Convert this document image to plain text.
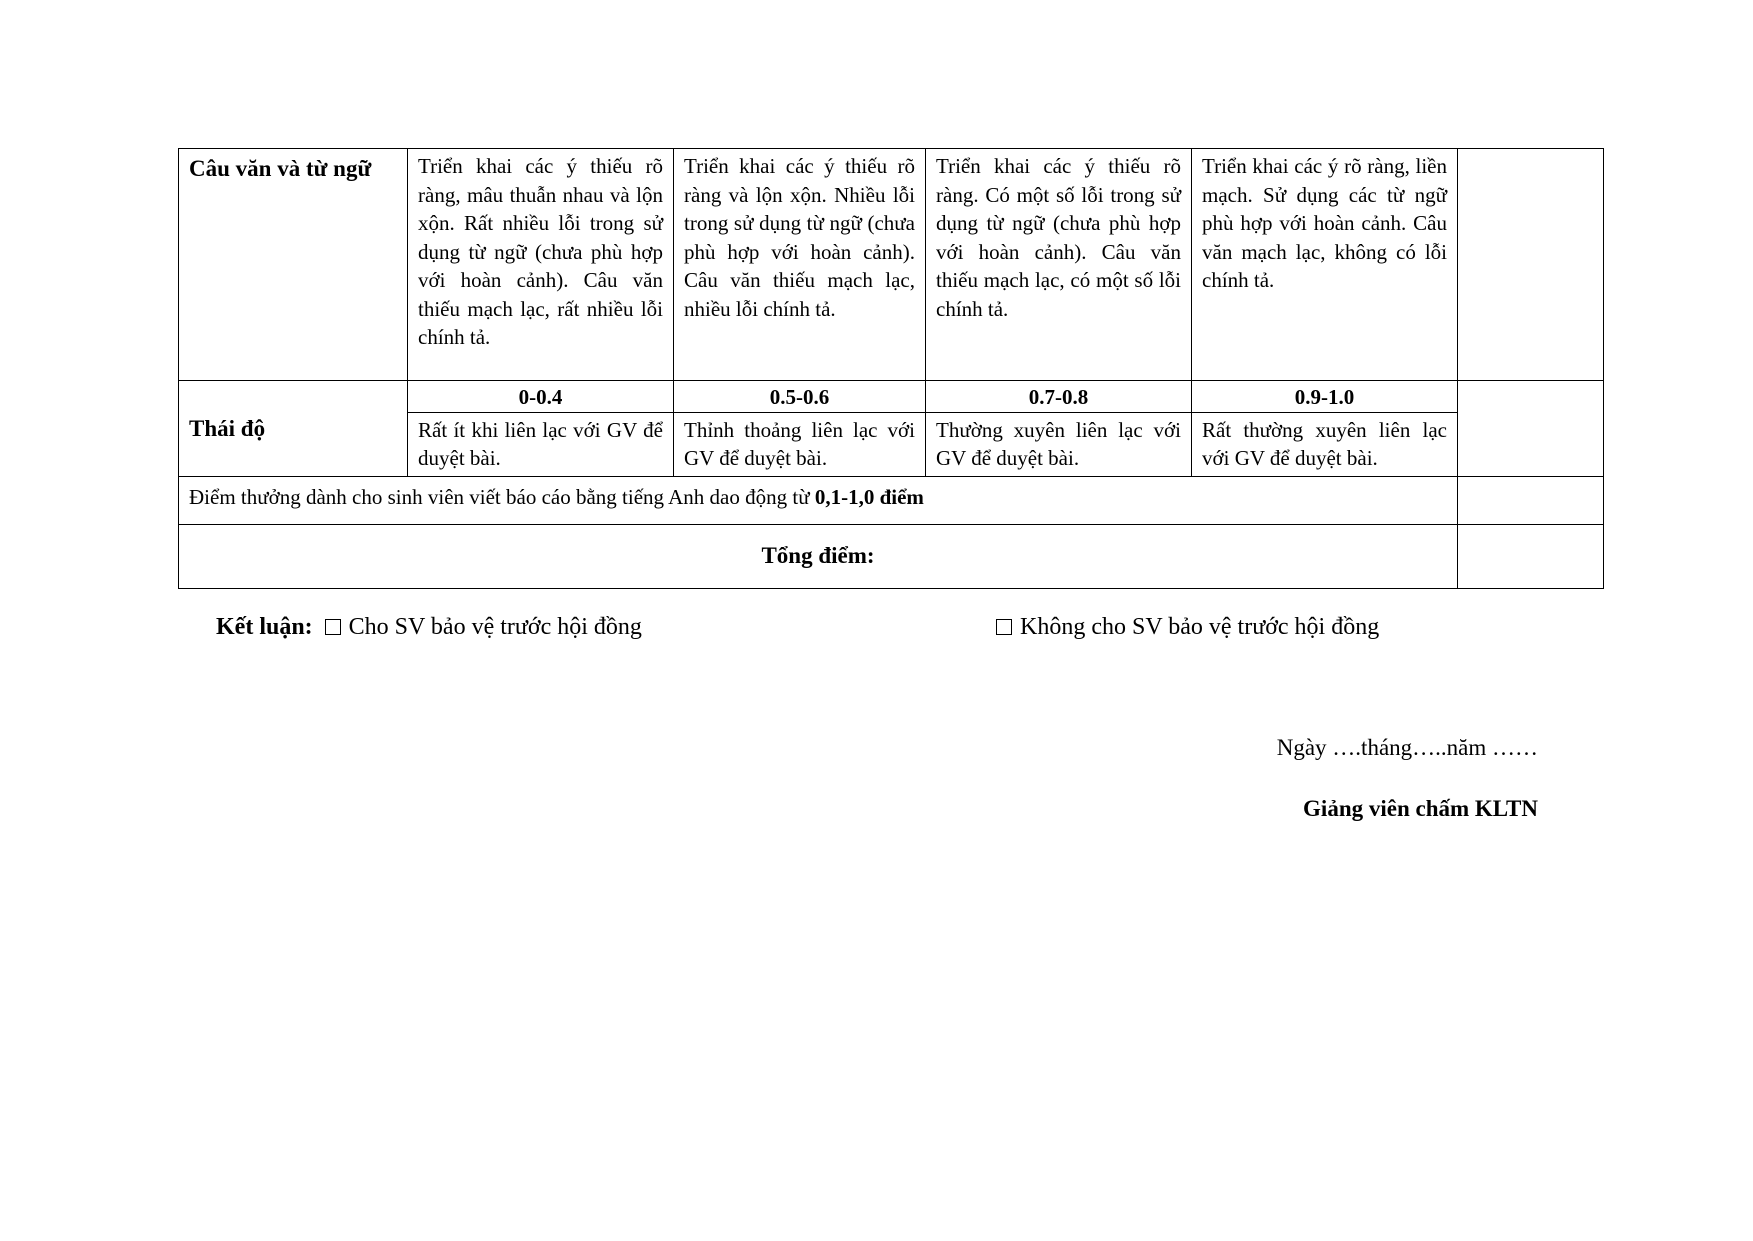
Câu văn và từ ngữ	Triển khai các ý thiếu rõ ràng, mâu thuẫn nhau và lộn xộn. Rất nhiều lỗi trong sử dụng từ ngữ (chưa phù hợp với hoàn cảnh). Câu văn thiếu mạch lạc, rất nhiều lỗi chính tả.	Triển khai các ý thiếu rõ ràng và lộn xộn. Nhiều lỗi trong sử dụng từ ngữ (chưa phù hợp với hoàn cảnh). Câu văn thiếu mạch lạc, nhiều lỗi chính tả.	Triển khai các ý thiếu rõ ràng. Có một số lỗi trong sử dụng từ ngữ (chưa phù hợp với hoàn cảnh). Câu văn thiếu mạch lạc, có một số lỗi chính tả.	Triển khai các ý rõ ràng, liền mạch. Sử dụng các từ ngữ phù hợp với hoàn cảnh. Câu văn mạch lạc, không có lỗi chính tả.	

Thái độ	0-0.4	0.5-0.6	0.7-0.8	0.9-1.0	

	Rất ít khi liên lạc với GV để duyệt bài.	Thỉnh thoảng liên lạc với GV để duyệt bài.	Thường xuyên liên lạc với GV để duyệt bài.	Rất thường xuyên liên lạc với GV để duyệt bài.	

Điểm thưởng dành cho sinh viên viết báo cáo bằng tiếng Anh dao động từ 0,1-1,0 điểm					
Tổng điểm:					
Kết luận: Cho SV bảo vệ trước hội đồng	Không cho SV bảo vệ trước hội đồng
Ngày ….tháng…..năm ……
Giảng viên chấm KLTN
